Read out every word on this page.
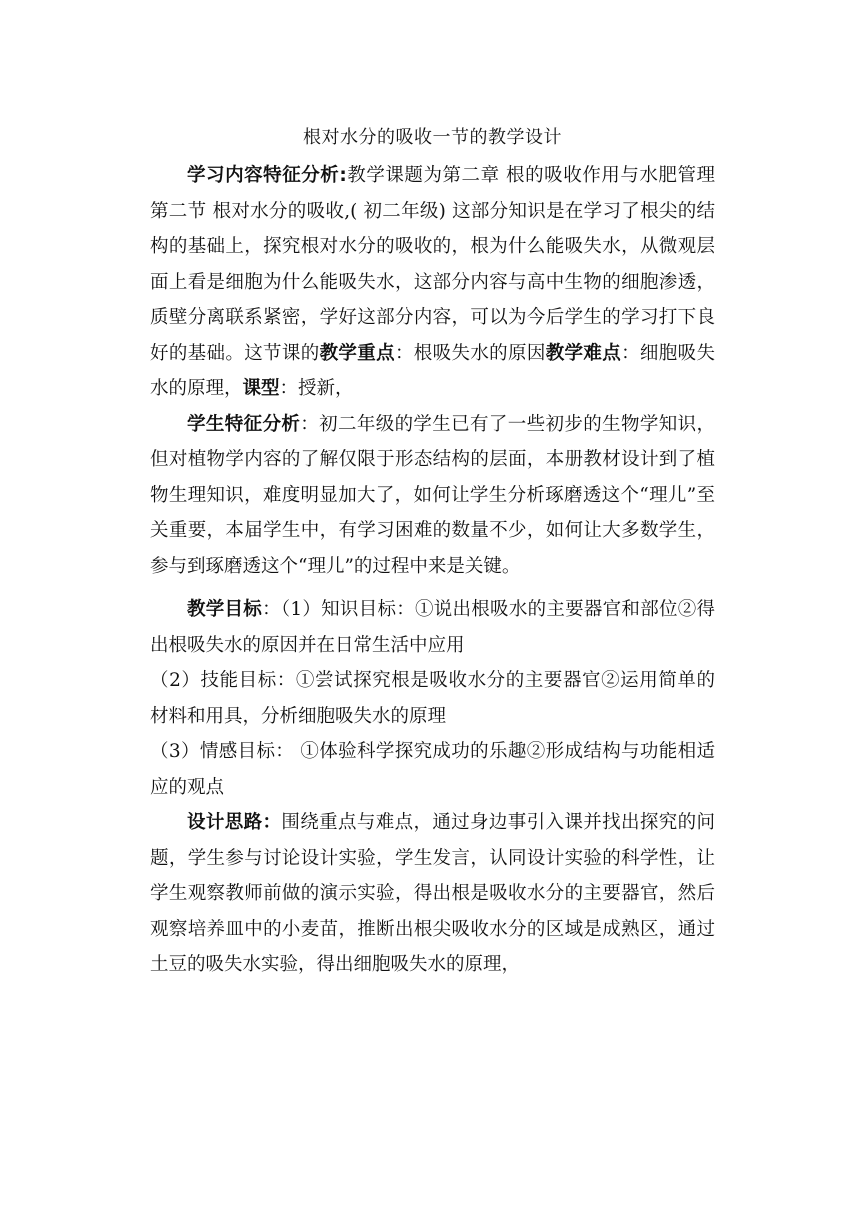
根对水分的吸收一节的教学设计

学习内容特征分析:教学课题为第二章 根的吸收作用与水肥管理 第二节 根对水分的吸收,( 初二年级) 这部分知识是在学习了根尖的结构的基础上，探究根对水分的吸收的，根为什么能吸失水，从微观层面上看是细胞为什么能吸失水，这部分内容与高中生物的细胞渗透，质壁分离联系紧密，学好这部分内容，可以为今后学生的学习打下良好的基础。这节课的教学重点：根吸失水的原因教学难点：细胞吸失水的原理，课型：授新，

学生特征分析：初二年级的学生已有了一些初步的生物学知识，但对植物学内容的了解仅限于形态结构的层面，本册教材设计到了植物生理知识，难度明显加大了，如何让学生分析琢磨透这个“理儿”至关重要，本届学生中，有学习困难的数量不少，如何让大多数学生，参与到琢磨透这个“理儿”的过程中来是关键。

教学目标：（1）知识目标：①说出根吸水的主要器官和部位②得出根吸失水的原因并在日常生活中应用

（2）技能目标：①尝试探究根是吸收水分的主要器官②运用简单的材料和用具，分析细胞吸失水的原理

（3）情感目标： ①体验科学探究成功的乐趣②形成结构与功能相适应的观点

设计思路：围绕重点与难点，通过身边事引入课并找出探究的问题，学生参与讨论设计实验，学生发言，认同设计实验的科学性，让学生观察教师前做的演示实验，得出根是吸收水分的主要器官，然后观察培养皿中的小麦苗，推断出根尖吸收水分的区域是成熟区，通过土豆的吸失水实验，得出细胞吸失水的原理，
